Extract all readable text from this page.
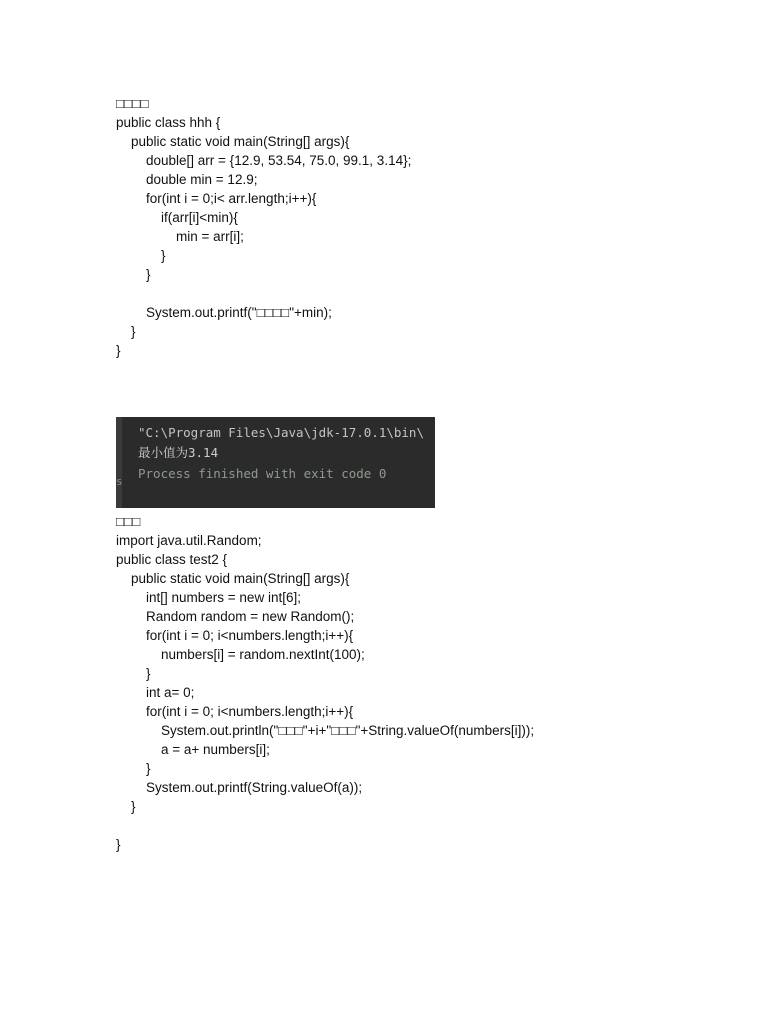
□□□□
public class hhh {
public static void main(String[] args){
double[] arr = {12.9, 53.54, 75.0, 99.1, 3.14};
double min = 12.9;
for(int i = 0;i< arr.length;i++){
if(arr[i]<min){
min = arr[i];
}
}
System.out.printf("□□□□"+min);
}
}
s
"C:\Program Files\Java\jdk-17.0.1\bin\
最小值为3.14
Process finished with exit code 0
□□□
import java.util.Random;
public class test2 {
public static void main(String[] args){
int[] numbers = new int[6];
Random random = new Random();
for(int i = 0; i<numbers.length;i++){
numbers[i] = random.nextInt(100);
}
int a= 0;
for(int i = 0; i<numbers.length;i++){
System.out.println("□□□"+i+"□□□"+String.valueOf(numbers[i]));
a = a+ numbers[i];
}
System.out.printf(String.valueOf(a));
}
}
